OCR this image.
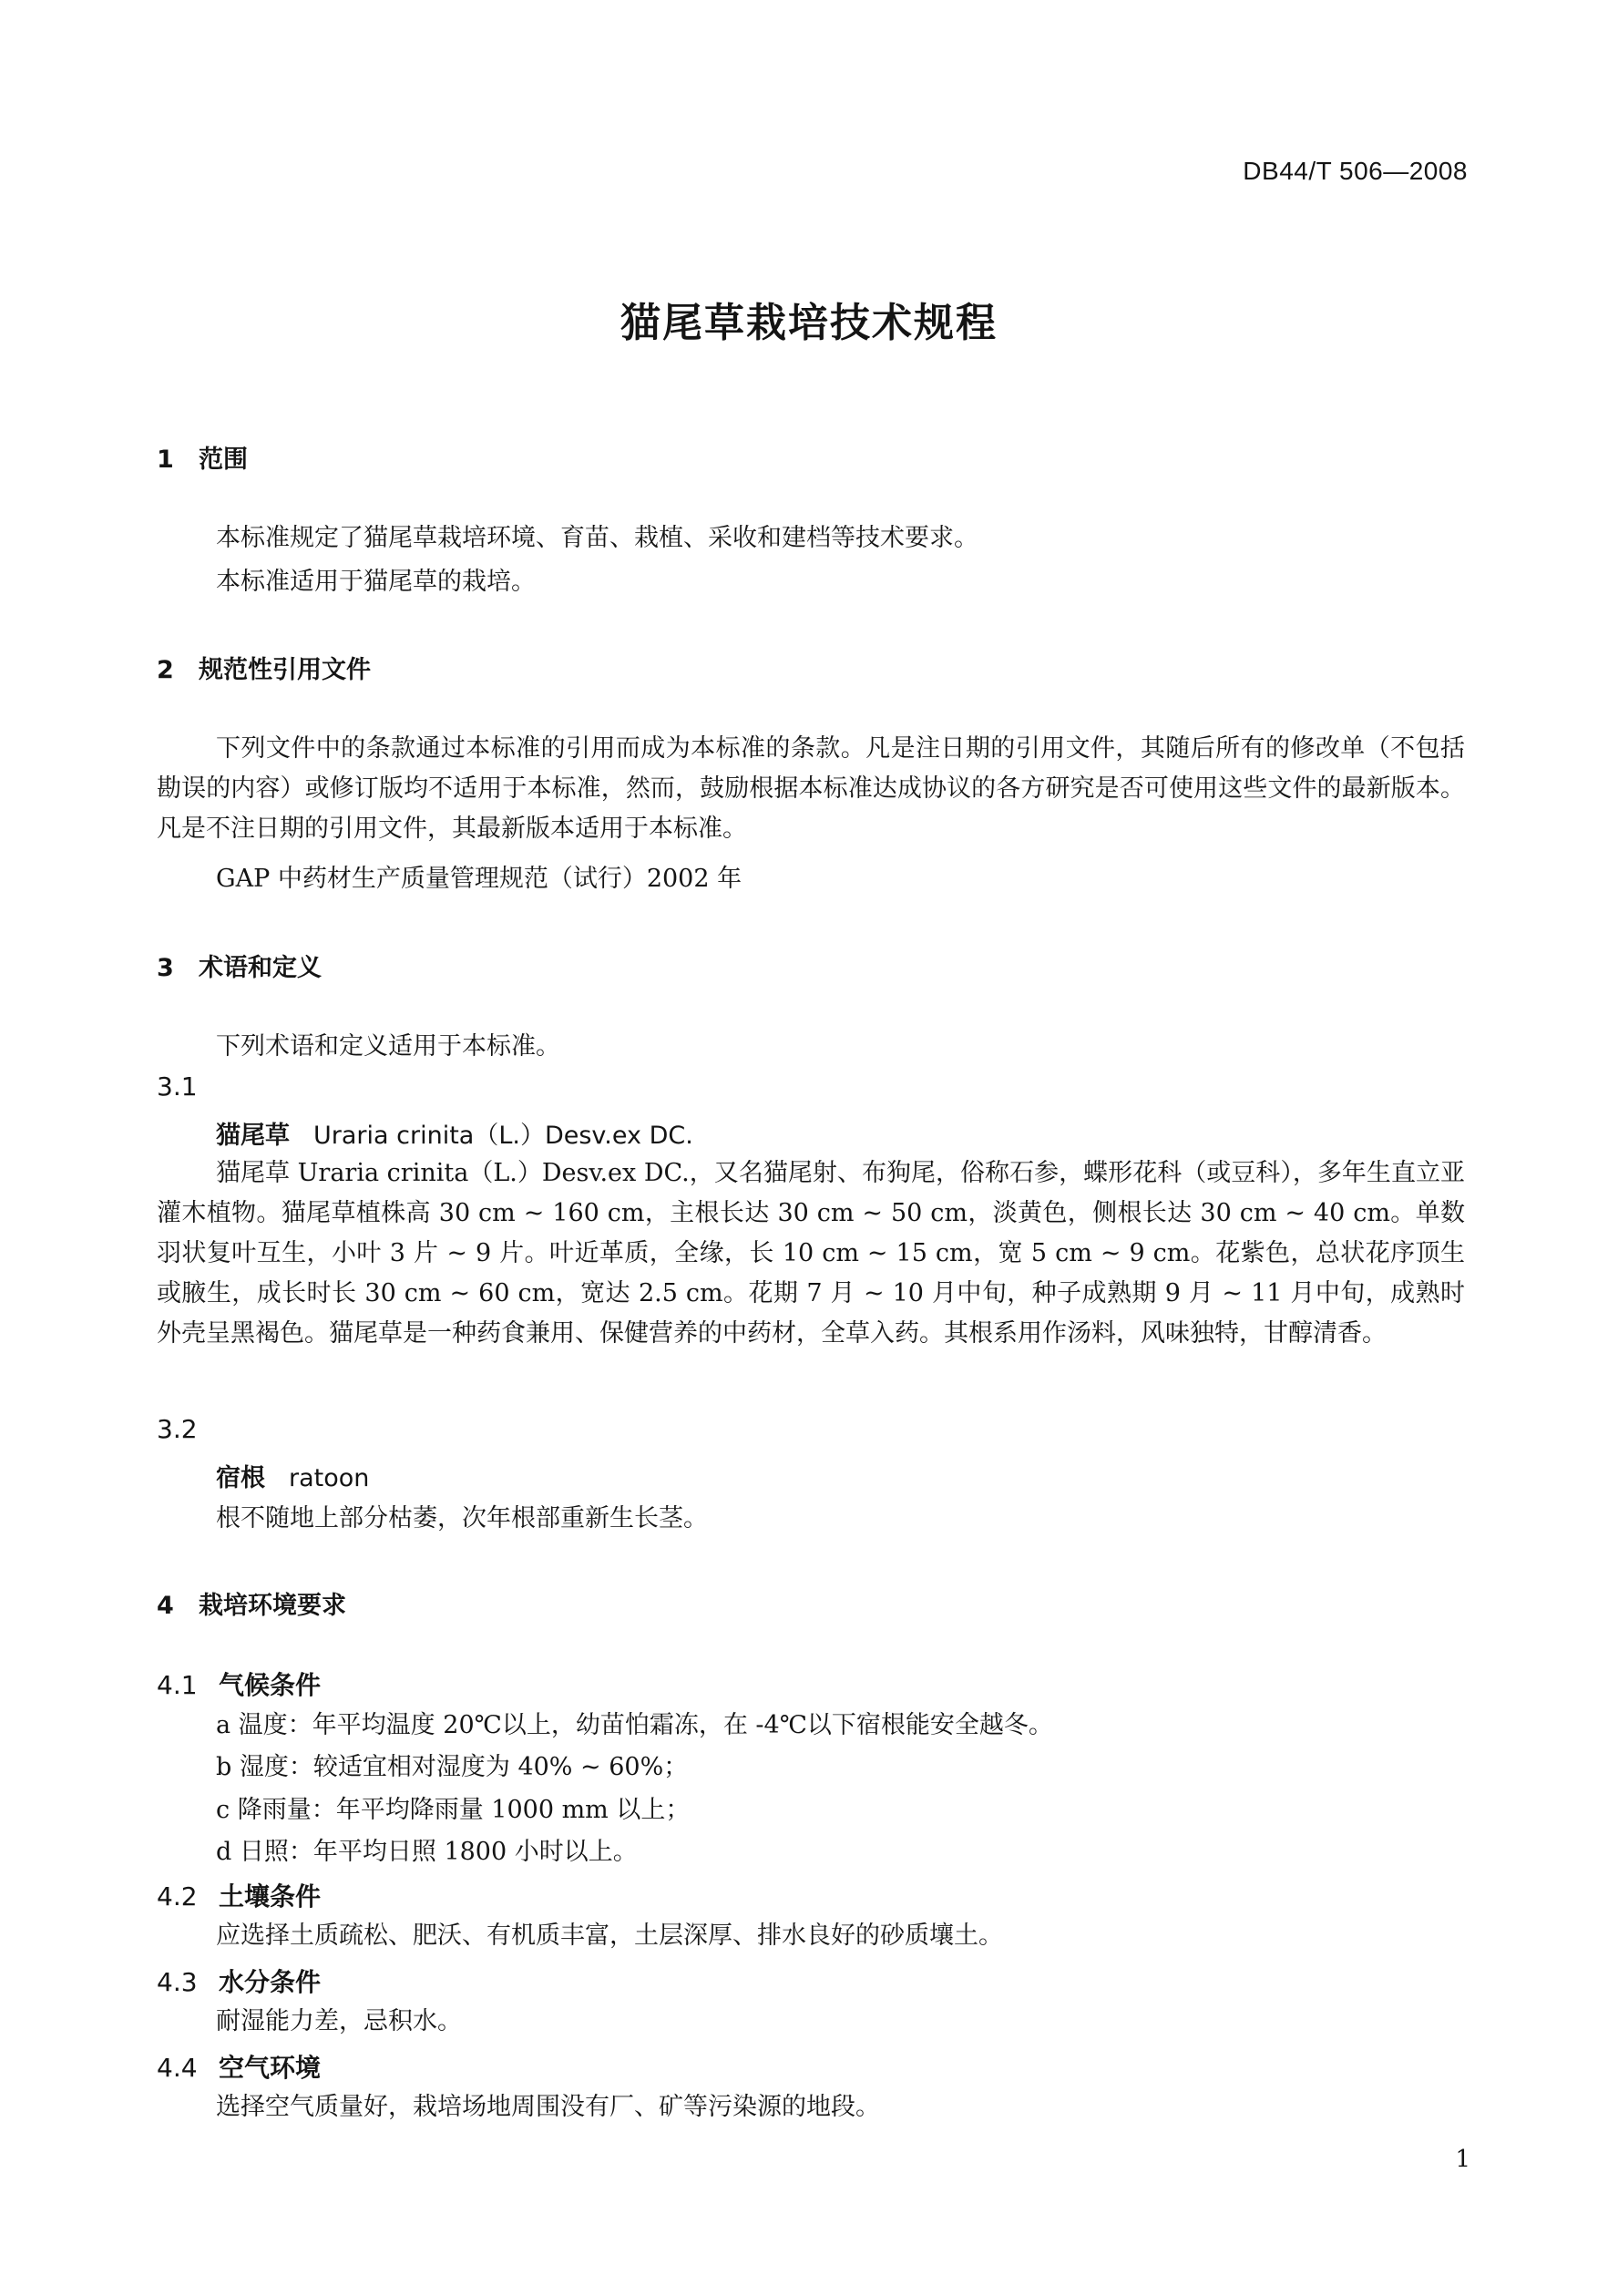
DB44/T 506—2008
猫尾草栽培技术规程
1 范围
本标准规定了猫尾草栽培环境、育苗、栽植、采收和建档等技术要求。
本标准适用于猫尾草的栽培。
2 规范性引用文件
下列文件中的条款通过本标准的引用而成为本标准的条款。凡是注日期的引用文件，其随后所有的修改单（不包括勘误的内容）或修订版均不适用于本标准，然而，鼓励根据本标准达成协议的各方研究是否可使用这些文件的最新版本。凡是不注日期的引用文件，其最新版本适用于本标准。
GAP 中药材生产质量管理规范（试行）2002 年
3 术语和定义
下列术语和定义适用于本标准。
3.1
猫尾草 Uraria crinita（L.）Desv.ex DC.
猫尾草 Uraria crinita（L.）Desv.ex DC.，又名猫尾射、布狗尾，俗称石参，蝶形花科（或豆科），多年生直立亚灌木植物。猫尾草植株高 30 cm ~ 160 cm，主根长达 30 cm ~ 50 cm，淡黄色，侧根长达 30 cm ~ 40 cm。单数羽状复叶互生，小叶 3 片 ~ 9 片。叶近革质，全缘，长 10 cm ~ 15 cm，宽 5 cm ~ 9 cm。花紫色，总状花序顶生或腋生，成长时长 30 cm ~ 60 cm，宽达 2.5 cm。花期 7 月 ~ 10 月中旬，种子成熟期 9 月 ~ 11 月中旬，成熟时外壳呈黑褐色。猫尾草是一种药食兼用、保健营养的中药材，全草入药。其根系用作汤料，风味独特，甘醇清香。
3.2
宿根 ratoon
根不随地上部分枯萎，次年根部重新生长茎。
4 栽培环境要求
4.1 气候条件
a 温度：年平均温度 20℃以上，幼苗怕霜冻，在 -4℃以下宿根能安全越冬。
b 湿度：较适宜相对湿度为 40% ~ 60%；
c 降雨量：年平均降雨量 1000 mm 以上；
d 日照：年平均日照 1800 小时以上。
4.2 土壤条件
应选择土质疏松、肥沃、有机质丰富，土层深厚、排水良好的砂质壤土。
4.3 水分条件
耐湿能力差，忌积水。
4.4 空气环境
选择空气质量好，栽培场地周围没有厂、矿等污染源的地段。
1
